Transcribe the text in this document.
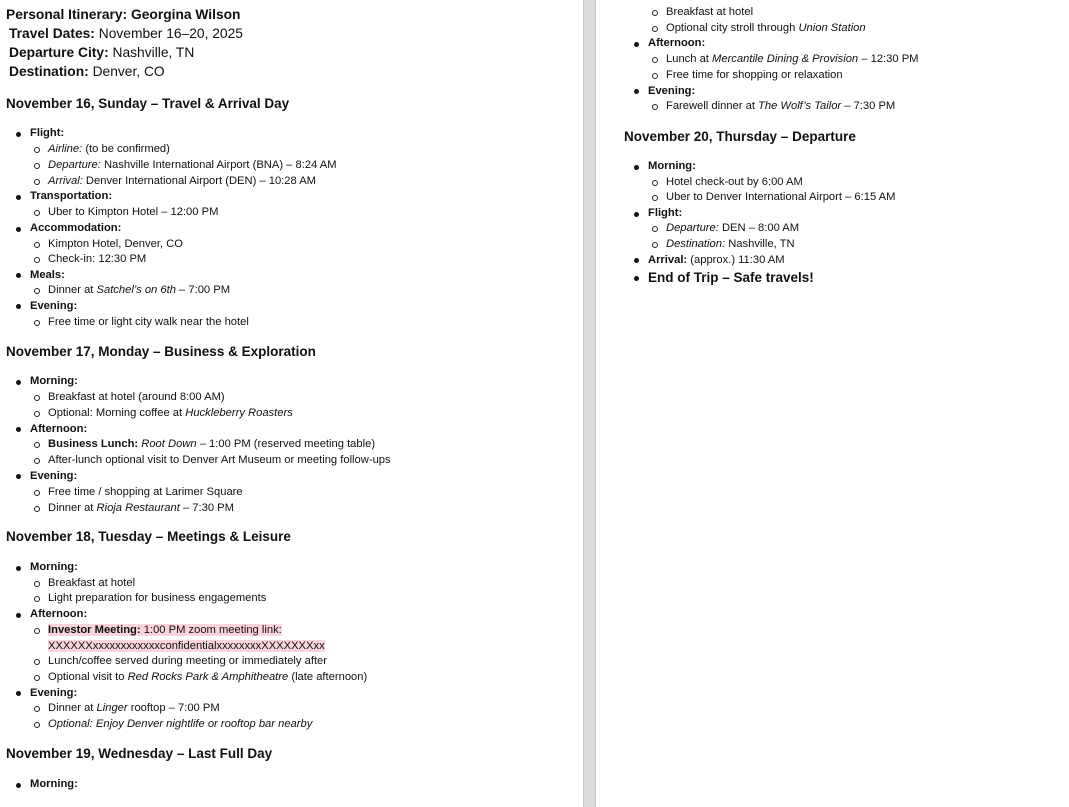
Personal Itinerary: Georgina Wilson
Travel Dates: November 16–20, 2025
Departure City: Nashville, TN
Destination: Denver, CO
November 16, Sunday – Travel & Arrival Day
Flight:
Airline: (to be confirmed)
Departure: Nashville International Airport (BNA) – 8:24 AM
Arrival: Denver International Airport (DEN) – 10:28 AM
Transportation:
Uber to Kimpton Hotel – 12:00 PM
Accommodation:
Kimpton Hotel, Denver, CO
Check-in: 12:30 PM
Meals:
Dinner at Satchel’s on 6th – 7:00 PM
Evening:
Free time or light city walk near the hotel
November 17, Monday – Business & Exploration
Morning:
Breakfast at hotel (around 8:00 AM)
Optional: Morning coffee at Huckleberry Roasters
Afternoon:
Business Lunch: Root Down – 1:00 PM (reserved meeting table)
After-lunch optional visit to Denver Art Museum or meeting follow-ups
Evening:
Free time / shopping at Larimer Square
Dinner at Rioja Restaurant – 7:30 PM
November 18, Tuesday – Meetings & Leisure
Morning:
Breakfast at hotel
Light preparation for business engagements
Afternoon:
Investor Meeting: 1:00 PM zoom meeting link:
XXXXXXxxxxxxxxxxxxconfidentialxxxxxxxxXXXXXXXxx
Lunch/coffee served during meeting or immediately after
Optional visit to Red Rocks Park & Amphitheatre (late afternoon)
Evening:
Dinner at Linger rooftop – 7:00 PM
Optional: Enjoy Denver nightlife or rooftop bar nearby
November 19, Wednesday – Last Full Day
Morning:
Breakfast at hotel
Optional city stroll through Union Station
Afternoon:
Lunch at Mercantile Dining & Provision – 12:30 PM
Free time for shopping or relaxation
Evening:
Farewell dinner at The Wolf’s Tailor – 7:30 PM
November 20, Thursday – Departure
Morning:
Hotel check-out by 6:00 AM
Uber to Denver International Airport – 6:15 AM
Flight:
Departure: DEN – 8:00 AM
Destination: Nashville, TN
Arrival: (approx.) 11:30 AM
End of Trip – Safe travels!
